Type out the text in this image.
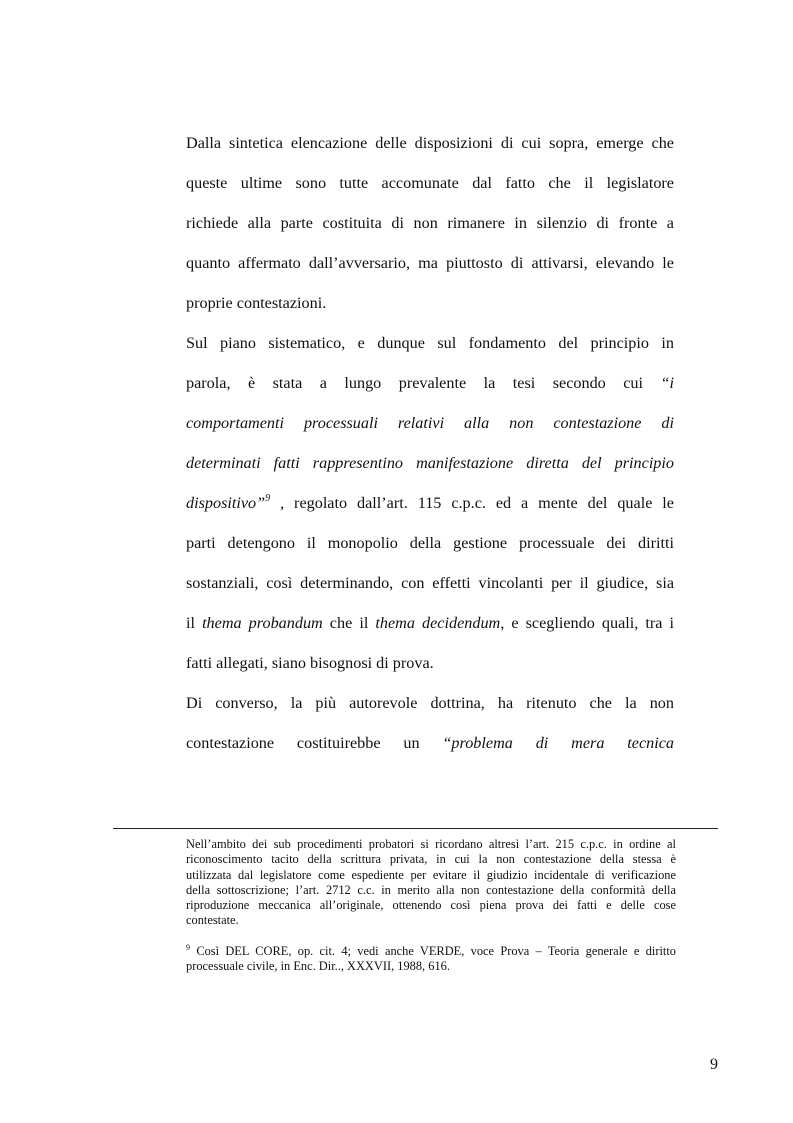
Dalla sintetica elencazione delle disposizioni di cui sopra, emerge che
queste ultime sono tutte accomunate dal fatto che il legislatore
richiede alla parte costituita di non rimanere in silenzio di fronte a
quanto affermato dall’avversario, ma piuttosto di attivarsi, elevando le
proprie contestazioni.
Sul piano sistematico, e dunque sul fondamento del principio in
parola, è stata a lungo prevalente la tesi secondo cui “i
comportamenti processuali relativi alla non contestazione di
determinati fatti rappresentino manifestazione diretta del principio
dispositivo”$^9$ , regolato dall’art. 115 c.p.c. ed a mente del quale le
parti detengono il monopolio della gestione processuale dei diritti
sostanziali, così determinando, con effetti vincolanti per il giudice, sia
il thema probandum che il thema decidendum, e scegliendo quali, tra i
fatti allegati, siano bisognosi di prova.
Di converso, la più autorevole dottrina, ha ritenuto che la non
contestazione costituirebbe un “problema di mera tecnica
Nell’ambito dei sub procedimenti probatori si ricordano altresì l’art. 215 c.p.c. in ordine al
riconoscimento tacito della scrittura privata, in cui la non contestazione della stessa è
utilizzata dal legislatore come espediente per evitare il giudizio incidentale di verificazione
della sottoscrizione; l’art. 2712 c.c. in merito alla non contestazione della conformità della
riproduzione meccanica all’originale, ottenendo così piena prova dei fatti e delle cose
contestate.
$^9$ Così DEL CORE, op. cit. 4; vedi anche VERDE, voce Prova – Teoria generale e diritto
processuale civile, in Enc. Dir.., XXXVII, 1988, 616.
9
